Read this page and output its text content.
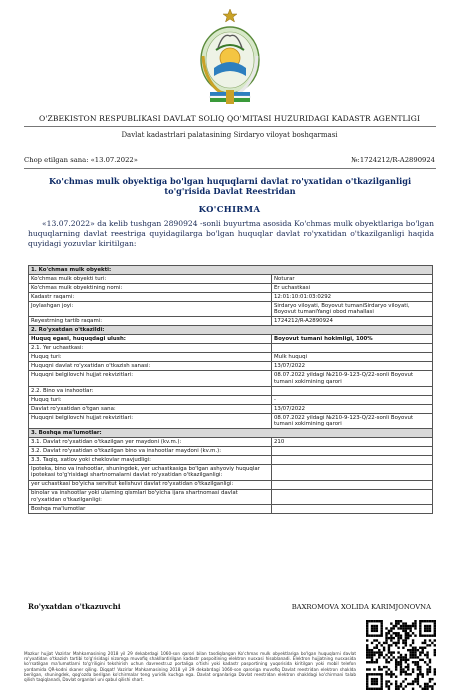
O'ZBEKISTON RESPUBLIKASI DAVLAT SOLIQ QO'MITASI HUZURIDAGI KADASTR AGENTLIGI
Davlat kadastrlari palatasining Sirdaryo viloyat boshqarmasi
Chop etilgan sana: «13.07.2022»	№:1724212/R-A2890924
Ko'chmas mulk obyektiga bo'lgan huquqlarni davlat ro'yxatidan o'tkazilganligi to'g'risida Davlat Reestridan
KO'CHIRMA
«13.07.2022» da kelib tushgan 2890924 -sonli buyurtma asosida Ko'chmas mulk obyektlariga bo'lgan huquqlarning davlat reestriga quyidagilarga bo'lgan huquqlar davlat ro'yxatidan o'tkazilganligi haqida quyidagi yozuvlar kiritilgan:
1. Ko'chmas mulk obyekti:	
Ko'chmas mulk obyekti turi:	Noturar
Ko'chmas mulk obyektining nomi:	Er uchastkasi
Kadastr raqami:	12:01:10:01:03:0292
Joylashgan joyi:	Sirdaryo viloyati, Boyovut tumaniSirdaryo viloyati, Boyovut tumaniYangi obod mahallasi
Reyestrning tartib raqami:	1724212/R-A2890924
2. Ro'yxatdan o'tkazildi:	
Huquq egasi, huquqdagi ulush:	Boyovut tumani hokimligi, 100%
2.1. Yer uchastkasi:	
Huquq turi:	Mulk huquqi
Huquqni davlat ro'yxatidan o'tkazish sanasi:	13/07/2022
Huquqni belgilovchi hujjat rekvizitlari:	08.07.2022 yildagi №210-9-123-Q/22-sonli Boyovut tumani xokimining qarori
2.2. Bino va inshootlar:	
Huquq turi:	-
Davlat ro'yxatidan o'tgan sana:	13/07/2022
Huquqni belgilovchi hujjat rekvizitlari:	08.07.2022 yildagi №210-9-123-Q/22-sonli Boyovut tumani xokimining qarori
3. Boshqa ma'lumotlar:	
3.1. Davlat ro'yxatidan o'tkazilgan yer maydoni (kv.m.):	210
3.2. Davlat ro'yxatidan o'tkazilgan bino va inshootlar maydoni (kv.m.):	
3.3. Taqiq, xatlov yoki cheklovlar mavjudligi:	
Ipoteka, bino va inshootlar, shuningdek, yer uchastkasiga bo'lgan ashyoviy huquqlar ipotekasi to'g'risidagi shartnomalarni davlat ro'yxatidan o'tkazilganligi:	
yer uchastkasi bo'yicha servitut kelishuvi davlat ro'yxatidan o'tkazilganligi:	
binolar va inshootlar yoki ularning qismlari bo'yicha ijara shartnomasi davlat ro'yxatidan o'tkazilganligi:	
Boshqa ma'lumotlar	
Ro'yxatdan o'tkazuvchi	BAXROMOVA XOLIDA KARIMJONOVNA
Mazkur hujjat Vazirlar Mahkamasining 2018 yil 29 dekabrdagi 1060-son qarori bilan tasdiqlangan Ko'chmas mulk obyektlariga bo'lgan huquqlarni davlat ro'yxatidan o'tkazish tartibi to'g'risidagi nizomga muvofiq shakllantirilgan kadastr paspoitining elektron nusxasi hisoblanadi. Elektron hujjatning nusxasida ko'rsatilgan ma'lumotlarni to'g'riligini tekshirish uchun davreestr.uz portaliga o'tishi yoki kadastr pasportining yuqorisida kiritilgan yoki mobil telefon yordamida QR-kodni skaner qiling. Diqqat! Vazirlar Mahkamasining 2018 yil 29 dekabrdagi 1060-son qaroriga muvofiq Davlat reestridan elektron shaklda berilgan, shuningdek, qog'ozda berilgan ko'chirmalar teng yuridik kuchga ega. Davlat organlariga Davlat reestridan elektron shakldagi ko'chirmani talab qilish taqiqlanadi, Davlat organlari uni qabul qilishi shart.
